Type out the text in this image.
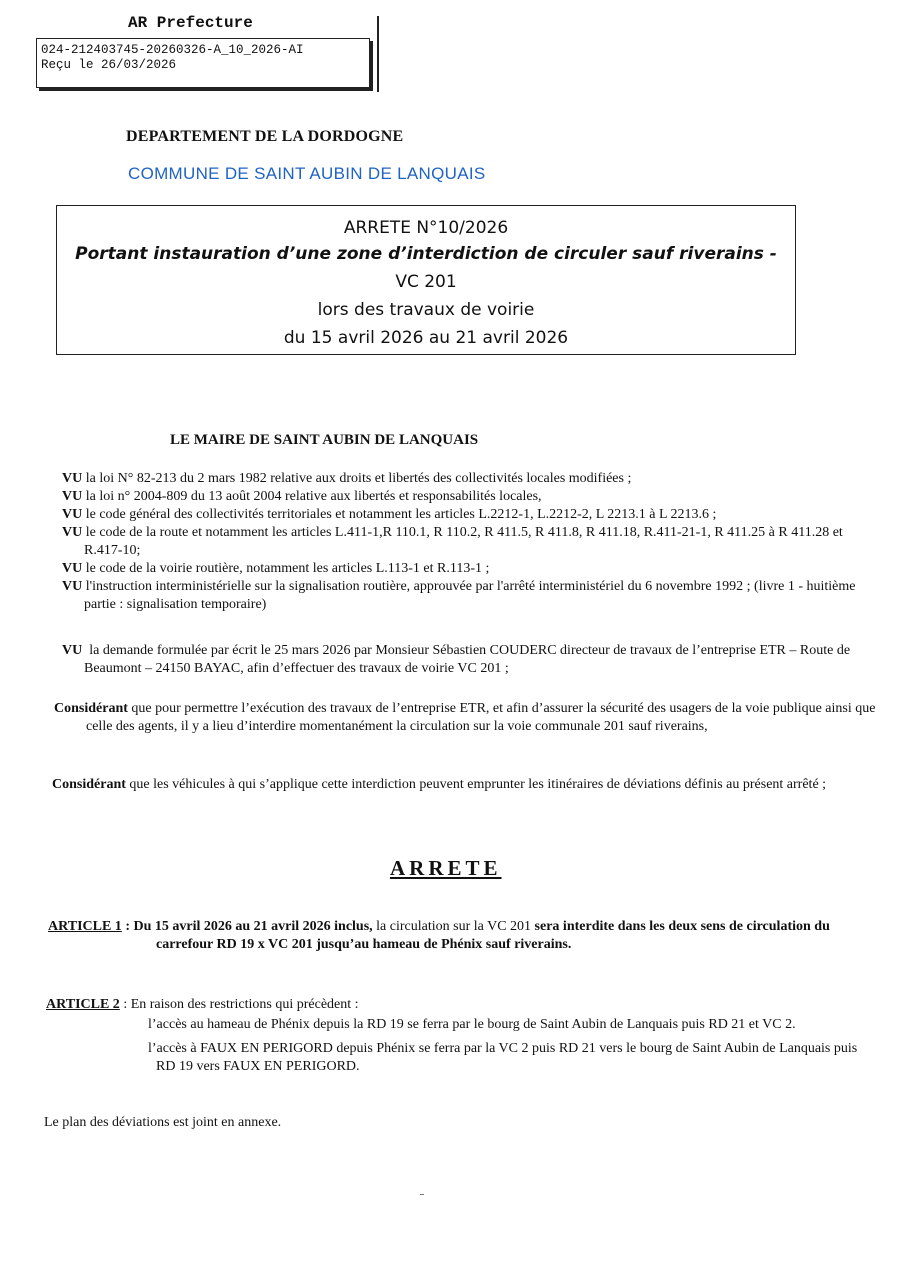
AR Prefecture
024-212403745-20260326-A_10_2026-AI
Reçu le 26/03/2026
DEPARTEMENT DE LA DORDOGNE
COMMUNE DE SAINT AUBIN DE LANQUAIS
ARRETE N°10/2026
Portant instauration d’une zone d’interdiction de circuler sauf riverains -
VC 201
lors des travaux de voirie
du 15 avril 2026 au 21 avril 2026
LE MAIRE DE SAINT AUBIN DE LANQUAIS

VU la loi N° 82-213 du 2 mars 1982 relative aux droits et libertés des collectivités locales modifiées ;

VU la loi n° 2004-809 du 13 août 2004 relative aux libertés et responsabilités locales,

VU le code général des collectivités territoriales et notamment les articles L.2212-1, L.2212-2, L 2213.1 à L 2213.6 ;

VU le code de la route et notamment les articles L.411-1,R 110.1, R 110.2, R 411.5, R 411.8, R 411.18, R.411-21-1, R 411.25 à R 411.28 et R.417-10;

VU le code de la voirie routière, notamment les articles L.113-1 et R.113-1 ;

VU l'instruction interministérielle sur la signalisation routière, approuvée par l'arrêté interministériel du 6 novembre 1992 ; (livre 1 - huitième partie : signalisation temporaire)

VU la demande formulée par écrit le 25 mars 2026 par Monsieur Sébastien COUDERC directeur de travaux de l’entreprise ETR – Route de Beaumont – 24150 BAYAC, afin d’effectuer des travaux de voirie VC 201 ;

Considérant que pour permettre l’exécution des travaux de l’entreprise ETR, et afin d’assurer la sécurité des usagers de la voie publique ainsi que celle des agents, il y a lieu d’interdire momentanément la circulation sur la voie communale 201 sauf riverains,

Considérant que les véhicules à qui s’applique cette interdiction peuvent emprunter les itinéraires de déviations définis au présent arrêté ;

ARRETE

ARTICLE 1 : Du 15 avril 2026 au 21 avril 2026 inclus, la circulation sur la VC 201 sera interdite dans les deux sens de circulation du carrefour RD 19 x VC 201 jusqu’au hameau de Phénix sauf riverains.

ARTICLE 2 : En raison des restrictions qui précèdent :

l’accès au hameau de Phénix depuis la RD 19 se ferra par le bourg de Saint Aubin de Lanquais puis RD 21 et VC 2.

l’accès à FAUX EN PERIGORD depuis Phénix se ferra par la VC 2 puis RD 21 vers le bourg de Saint Aubin de Lanquais puis RD 19 vers FAUX EN PERIGORD.

Le plan des déviations est joint en annexe.
